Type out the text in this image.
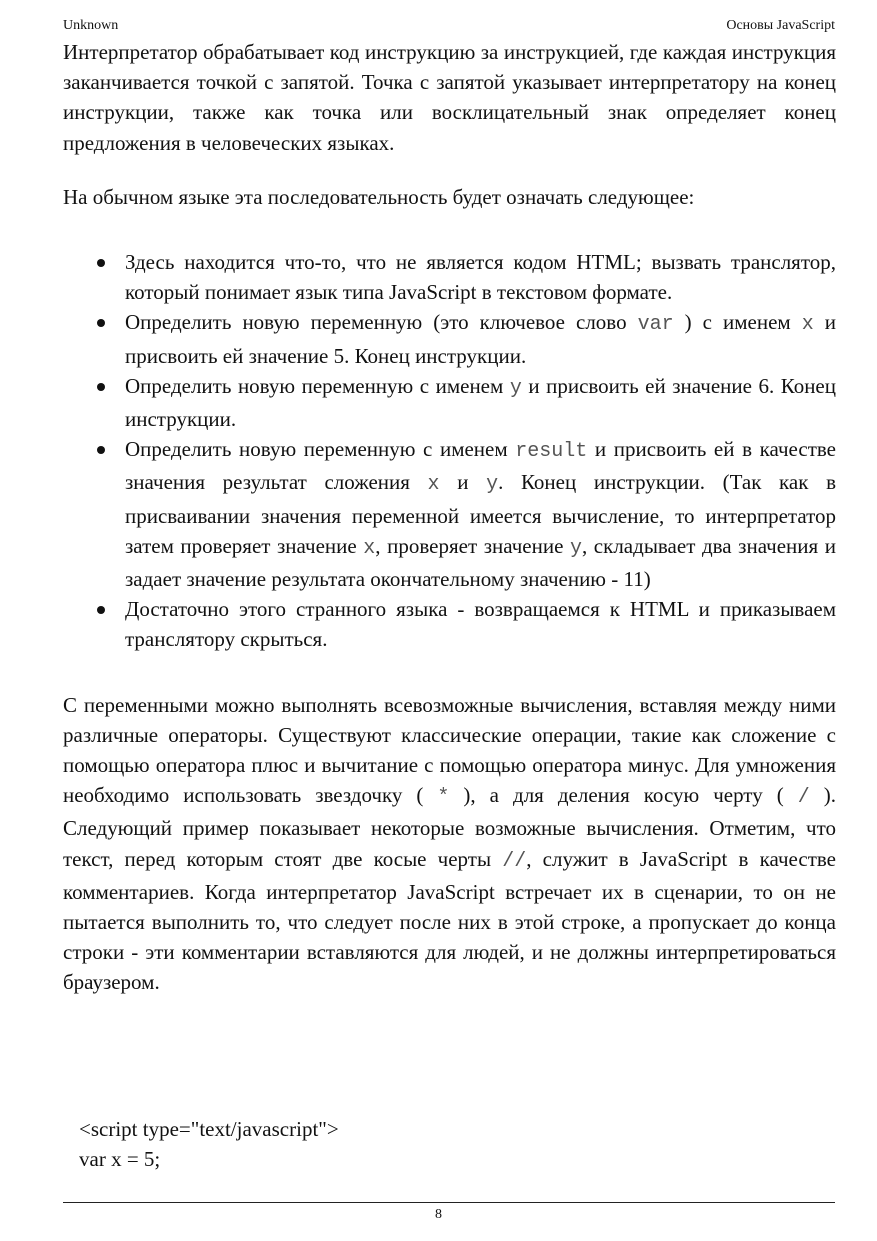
Unknown	Основы JavaScript

Интерпретатор обрабатывает код инструкцию за инструкцией, где каждая инструкция заканчивается точкой с запятой. Точка с запятой указывает интерпретатору на конец инструкции, также как точка или восклицательный знак определяет конец предложения в человеческих языках.

На обычном языке эта последовательность будет означать следующее:

Здесь находится что-то, что не является кодом HTML; вызвать транслятор, который понимает язык типа JavaScript в текстовом формате.
Определить новую переменную (это ключевое слово var ) с именем x и присвоить ей значение 5. Конец инструкции.
Определить новую переменную с именем y и присвоить ей значение 6. Конец инструкции.
Определить новую переменную с именем result и присвоить ей в качестве значения результат сложения x и y. Конец инструкции. (Так как в присваивании значения переменной имеется вычисление, то интерпретатор затем проверяет значение x, проверяет значение y, складывает два значения и задает значение результата окончательному значению - 11)
Достаточно этого странного языка - возвращаемся к HTML и приказываем транслятору скрыться.

С переменными можно выполнять всевозможные вычисления, вставляя между ними различные операторы. Существуют классические операции, такие как сложение с помощью оператора плюс и вычитание с помощью оператора минус. Для умножения необходимо использовать звездочку ( * ), а для деления косую черту ( / ). Следующий пример показывает некоторые возможные вычисления. Отметим, что текст, перед которым стоят две косые черты //, служит в JavaScript в качестве комментариев. Когда интерпретатор JavaScript встречает их в сценарии, то он не пытается выполнить то, что следует после них в этой строке, а пропускает до конца строки - эти комментарии вставляются для людей, и не должны интерпретироваться браузером.

<script type="text/javascript">
var x = 5;
8
